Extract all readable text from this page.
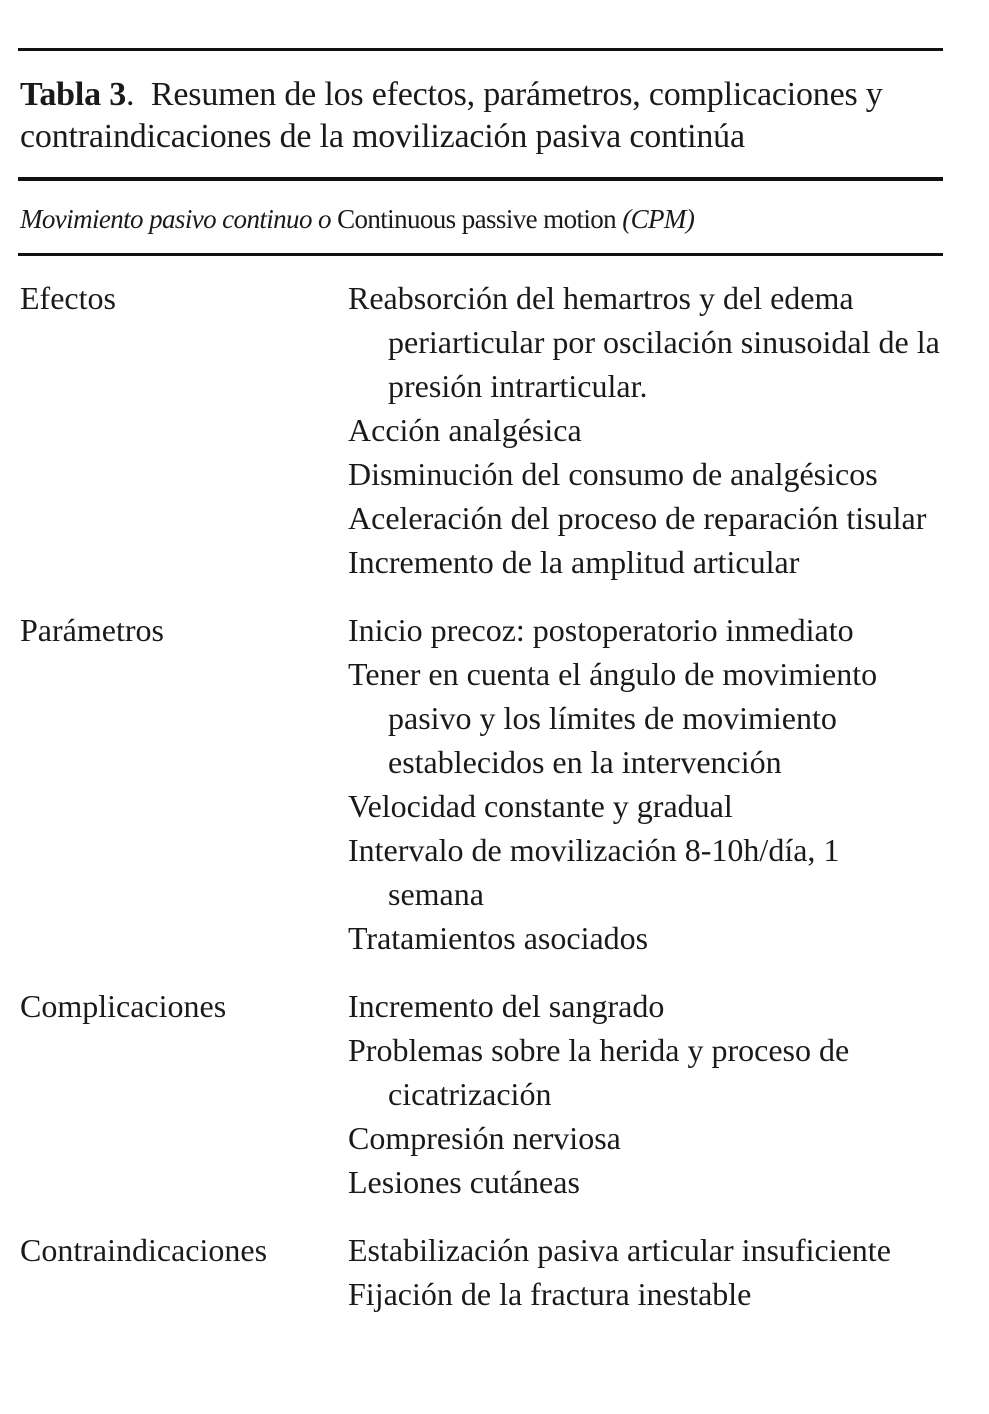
Tabla 3.  Resumen de los efectos, parámetros, complicaciones y contraindicaciones de la movilización pasiva continúa
Movimiento pasivo continuo o Continuous passive motion (CPM)
Efectos	Reabsorción del hemartros y del edema periarticular por oscilación sinusoidal de la presión intrarticular.
Acción analgésica
Disminución del consumo de analgésicos
Aceleración del proceso de reparación tisular
Incremento de la amplitud articular
Parámetros	Inicio precoz: postoperatorio inmediato
Tener en cuenta el ángulo de movimiento pasivo y los límites de movimiento establecidos en la intervención
Velocidad constante y gradual
Intervalo de movilización 8-10h/día, 1 semana
Tratamientos asociados
Complicaciones	Incremento del sangrado
Problemas sobre la herida y proceso de cicatrización
Compresión nerviosa
Lesiones cutáneas
Contraindicaciones	Estabilización pasiva articular insuficiente
Fijación de la fractura inestable
